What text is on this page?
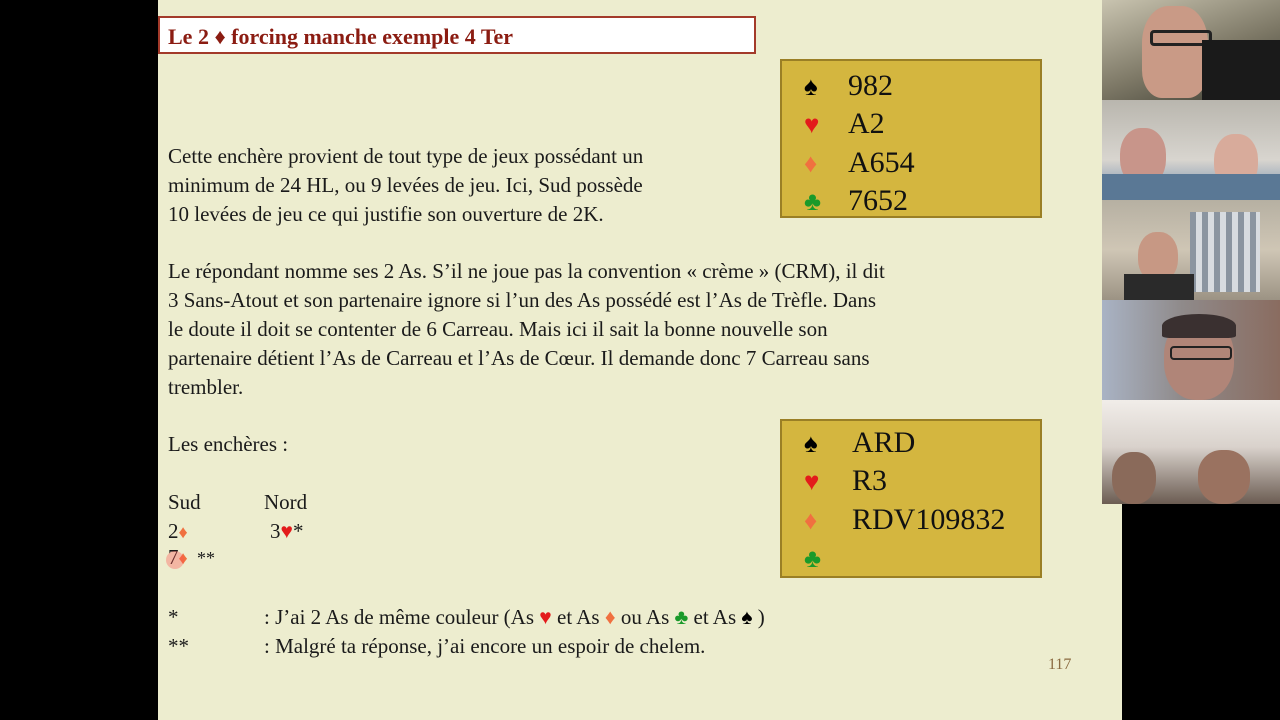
Le 2 ♦ forcing manche exemple 4 Ter
♠ 982
♥ A2
♦ A654
♣ 7652
♠ ARD
♥ R3
♦ RDV109832
♣
Cette enchère provient de tout type de jeux possédant un
minimum de 24 HL, ou 9 levées de jeu. Ici, Sud possède
10 levées de jeu ce qui justifie son ouverture de 2K.
Le répondant nomme ses 2 As. S’il ne joue pas la convention « crème » (CRM), il dit
3 Sans-Atout et son partenaire ignore si l’un des As possédé est l’As de Trèfle. Dans
le doute il doit se contenter de 6 Carreau. Mais ici il sait la bonne nouvelle son
partenaire détient l’As de Carreau et l’As de Cœur. Il demande donc 7 Carreau sans
trembler.
Les enchères :
Sud	Nord
2♦	3♥*
7♦ **
*	: J’ai 2 As de même couleur (As ♥ et As ♦ ou As ♣ et As ♠ )
**	: Malgré ta réponse, j’ai encore un espoir de chelem.
117
